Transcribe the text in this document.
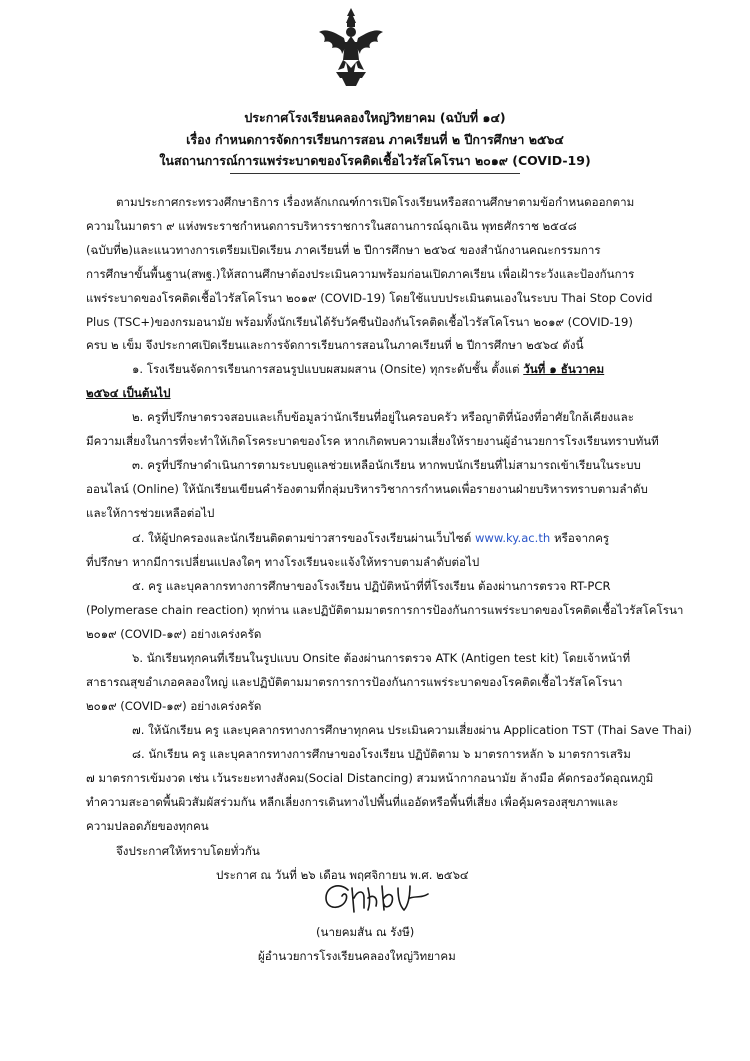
ประกาศโรงเรียนคลองใหญ่วิทยาคม (ฉบับที่ ๑๔)
เรื่อง กำหนดการจัดการเรียนการสอน ภาคเรียนที่ ๒ ปีการศึกษา ๒๕๖๔
ในสถานการณ์การแพร่ระบาดของโรคติดเชื้อไวรัสโคโรนา ๒๐๑๙ (COVID-19)
ตามประกาศกระทรวงศึกษาธิการ เรื่องหลักเกณฑ์การเปิดโรงเรียนหรือสถานศึกษาตามข้อกำหนดออกตาม
ความในมาตรา ๙ แห่งพระราชกำหนดการบริหารราชการในสถานการณ์ฉุกเฉิน พุทธศักราช ๒๕๔๘
(ฉบับที่๒)และแนวทางการเตรียมเปิดเรียน ภาคเรียนที่ ๒ ปีการศึกษา ๒๕๖๔ ของสำนักงานคณะกรรมการ
การศึกษาขั้นพื้นฐาน(สพฐ.)ให้สถานศึกษาต้องประเมินความพร้อมก่อนเปิดภาคเรียน เพื่อเฝ้าระวังและป้องกันการ
แพร่ระบาดของโรคติดเชื้อไวรัสโคโรนา ๒๐๑๙ (COVID-19) โดยใช้แบบประเมินตนเองในระบบ Thai Stop Covid
Plus (TSC+)ของกรมอนามัย พร้อมทั้งนักเรียนได้รับวัคซีนป้องกันโรคติดเชื้อไวรัสโคโรนา ๒๐๑๙ (COVID-19)
ครบ ๒ เข็ม จึงประกาศเปิดเรียนและการจัดการเรียนการสอนในภาคเรียนที่ ๒ ปีการศึกษา ๒๕๖๔ ดังนี้
๑. โรงเรียนจัดการเรียนการสอนรูปแบบผสมผสาน (Onsite) ทุกระดับชั้น ตั้งแต่ วันที่ ๑ ธันวาคม
๒๕๖๔ เป็นต้นไป
๒. ครูที่ปรึกษาตรวจสอบและเก็บข้อมูลว่านักเรียนที่อยู่ในครอบครัว หรือญาติที่น้องที่อาศัยใกล้เคียงและ
มีความเสี่ยงในการที่จะทำให้เกิดโรคระบาดของโรค หากเกิดพบความเสี่ยงให้รายงานผู้อำนวยการโรงเรียนทราบทันที
๓. ครูที่ปรึกษาดำเนินการตามระบบดูแลช่วยเหลือนักเรียน หากพบนักเรียนที่ไม่สามารถเข้าเรียนในระบบ
ออนไลน์ (Online) ให้นักเรียนเขียนคำร้องตามที่กลุ่มบริหารวิชาการกำหนดเพื่อรายงานฝ่ายบริหารทราบตามลำดับ
และให้การช่วยเหลือต่อไป
๔. ให้ผู้ปกครองและนักเรียนติดตามข่าวสารของโรงเรียนผ่านเว็บไซต์ www.ky.ac.th หรือจากครู
ที่ปรึกษา หากมีการเปลี่ยนแปลงใดๆ ทางโรงเรียนจะแจ้งให้ทราบตามลำดับต่อไป
๕. ครู และบุคลากรทางการศึกษาของโรงเรียน ปฏิบัติหน้าที่ที่โรงเรียน ต้องผ่านการตรวจ RT-PCR
(Polymerase chain reaction) ทุกท่าน และปฏิบัติตามมาตรการการป้องกันการแพร่ระบาดของโรคติดเชื้อไวรัสโคโรนา
๒๐๑๙ (COVID-๑๙) อย่างเคร่งครัด
๖. นักเรียนทุกคนที่เรียนในรูปแบบ Onsite ต้องผ่านการตรวจ ATK (Antigen test kit) โดยเจ้าหน้าที่
สาธารณสุขอำเภอคลองใหญ่ และปฏิบัติตามมาตรการการป้องกันการแพร่ระบาดของโรคติดเชื้อไวรัสโคโรนา
๒๐๑๙ (COVID-๑๙) อย่างเคร่งครัด
๗. ให้นักเรียน ครู และบุคลากรทางการศึกษาทุกคน ประเมินความเสี่ยงผ่าน Application TST (Thai Save Thai)
๘. นักเรียน ครู และบุคลากรทางการศึกษาของโรงเรียน ปฏิบัติตาม ๖ มาตรการหลัก ๖ มาตรการเสริม
๗ มาตรการเข้มงวด เช่น เว้นระยะทางสังคม(Social Distancing) สวมหน้ากากอนามัย ล้างมือ คัดกรองวัดอุณหภูมิ
ทำความสะอาดพื้นผิวสัมผัสร่วมกัน หลีกเลี่ยงการเดินทางไปพื้นที่แออัดหรือพื้นที่เสี่ยง เพื่อคุ้มครองสุขภาพและ
ความปลอดภัยของทุกคน
จึงประกาศให้ทราบโดยทั่วกัน
ประกาศ ณ วันที่ ๒๖ เดือน พฤศจิกายน พ.ศ. ๒๕๖๔
(นายคมสัน ณ รังษี)
ผู้อำนวยการโรงเรียนคลองใหญ่วิทยาคม
